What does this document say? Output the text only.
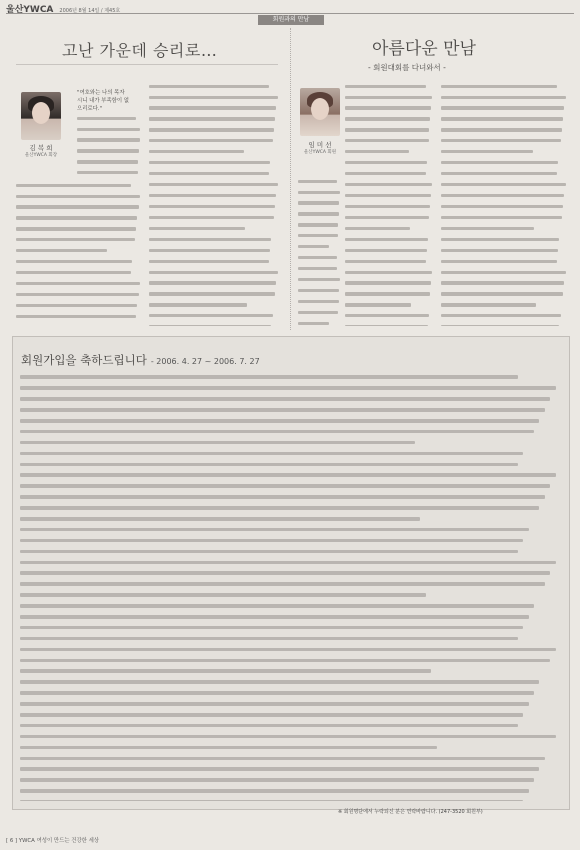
울산YWCA 2006년 8월 14일 / 제45호
회원과의 만남
고난 가운데 승리로…
김 복 희
울산YWCA 회장
"여호와는 나의 목자
시니 내가 부족함이 없
으리로다."
아름다운 만남
- 회원대회를 다녀와서 -
임 미 선
울산YWCA 회원
회원가입을 축하드립니다 - 2006. 4. 27 ~ 2006. 7. 27
※ 회원명단에서 누락되신 분은 연락바랍니다. (247-3520 회원부)
[ 6 ] YWCA 여성이 만드는 건강한 세상
